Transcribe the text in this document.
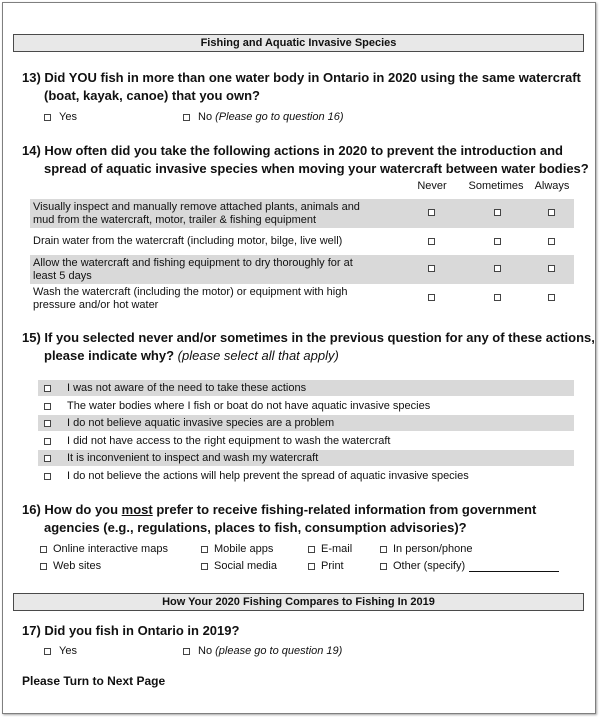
Fishing and Aquatic Invasive Species
13) Did YOU fish in more than one water body in Ontario in 2020 using the same watercraft
(boat, kayak, canoe) that you own?
Yes	No
(Please go to question 16)
14) How often did you take the following actions in 2020 to prevent the introduction and
spread of aquatic invasive species when moving your watercraft between water bodies?
Never	Sometimes	Always
Visually inspect and manually remove attached plants, animals and
mud from the watercraft, motor, trailer & fishing equipment
Drain water from the watercraft (including motor, bilge, live well)
Allow the watercraft and fishing equipment to dry thoroughly for at
least 5 days
Wash the watercraft (including the motor) or equipment with high
pressure and/or hot water
15) If you selected never and/or sometimes in the previous question for any of these actions,
please indicate why? (please select all that apply)
I was not aware of the need to take these actions
The water bodies where I fish or boat do not have aquatic invasive species
I do not believe aquatic invasive species are a problem
I did not have access to the right equipment to wash the watercraft
It is inconvenient to inspect and wash my watercraft
I do not believe the actions will help prevent the spread of aquatic invasive species
16) How do you most prefer to receive fishing-related information from government
agencies (e.g., regulations, places to fish, consumption advisories)?
Online interactive maps	Mobile apps	E-mail	In person/phone
Web sites	Social media	Print	Other (specify)
How Your 2020 Fishing Compares to Fishing In 2019
17) Did you fish in Ontario in 2019?
Yes	No
(please go to question 19)
Please Turn to Next Page
